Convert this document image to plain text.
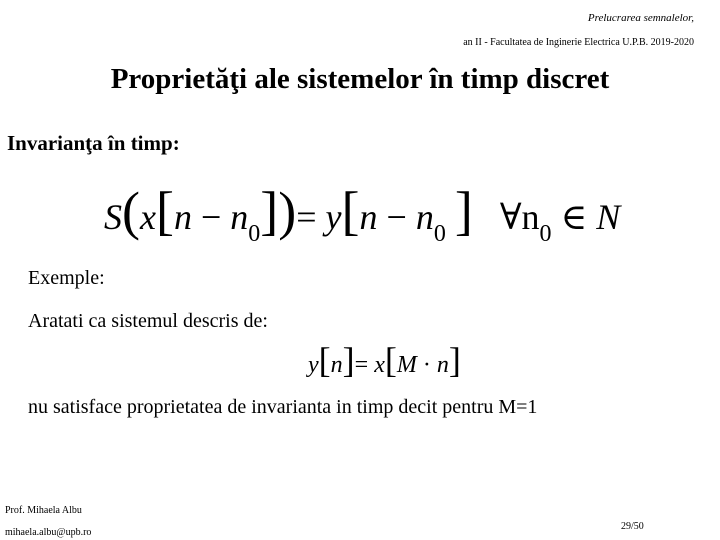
Prelucrarea semnalelor,
an II - Facultatea de Inginerie Electrica U.P.B. 2019-2020
Proprietăţi ale sistemelor în timp discret
Invarianţa în timp:
$S(x[n - n_0])= y[n - n_0$ ] $\forall n_0$ ∈ N
Exemple:
Aratati ca sistemul descris de:
y[n]= x[M · n]
nu satisface proprietatea de invarianta in timp decit pentru M=1
Prof. Mihaela Albu
mihaela.albu@upb.ro
29/50
